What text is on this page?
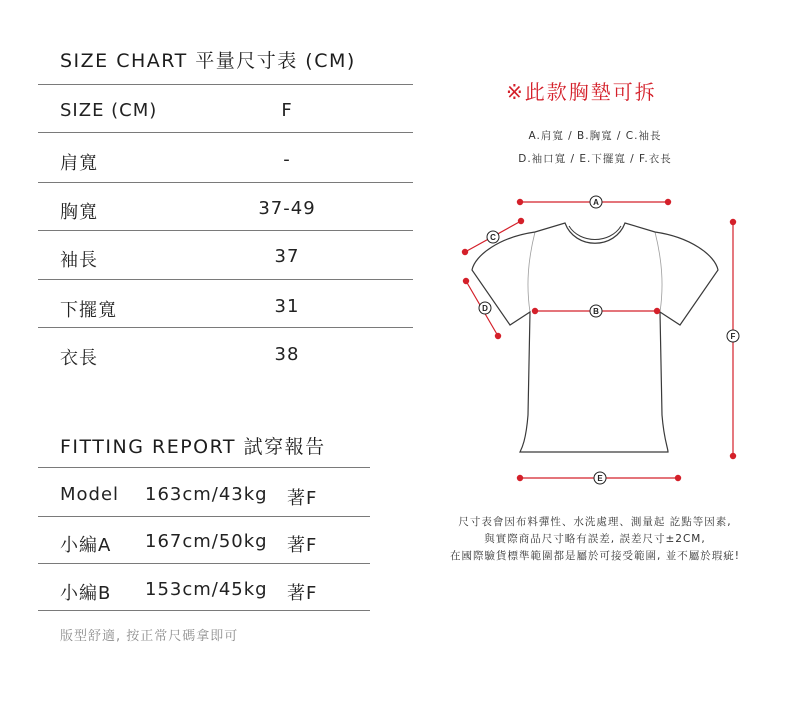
SIZE CHART 平量尺寸表 (CM)
SIZE (CM)	F
肩寬	-
胸寬	37-49
袖長	37
下擺寬	31
衣長	38
FITTING REPORT 試穿報告
Model 163cm/43kg 著F
小編A 167cm/50kg 著F
小編B 153cm/45kg 著F
版型舒適, 按正常尺碼拿即可
※此款胸墊可拆
A.肩寬 / B.胸寬 / C.袖長
D.袖口寬 / E.下擺寬 / F.衣長
A
C
D	B
F
E
尺寸表會因布料彈性、水洗處理、測量起 訖點等因素,
與實際商品尺寸略有誤差, 誤差尺寸±2CM,
在國際驗貨標準範圍都是屬於可接受範圍, 並不屬於瑕疵!
